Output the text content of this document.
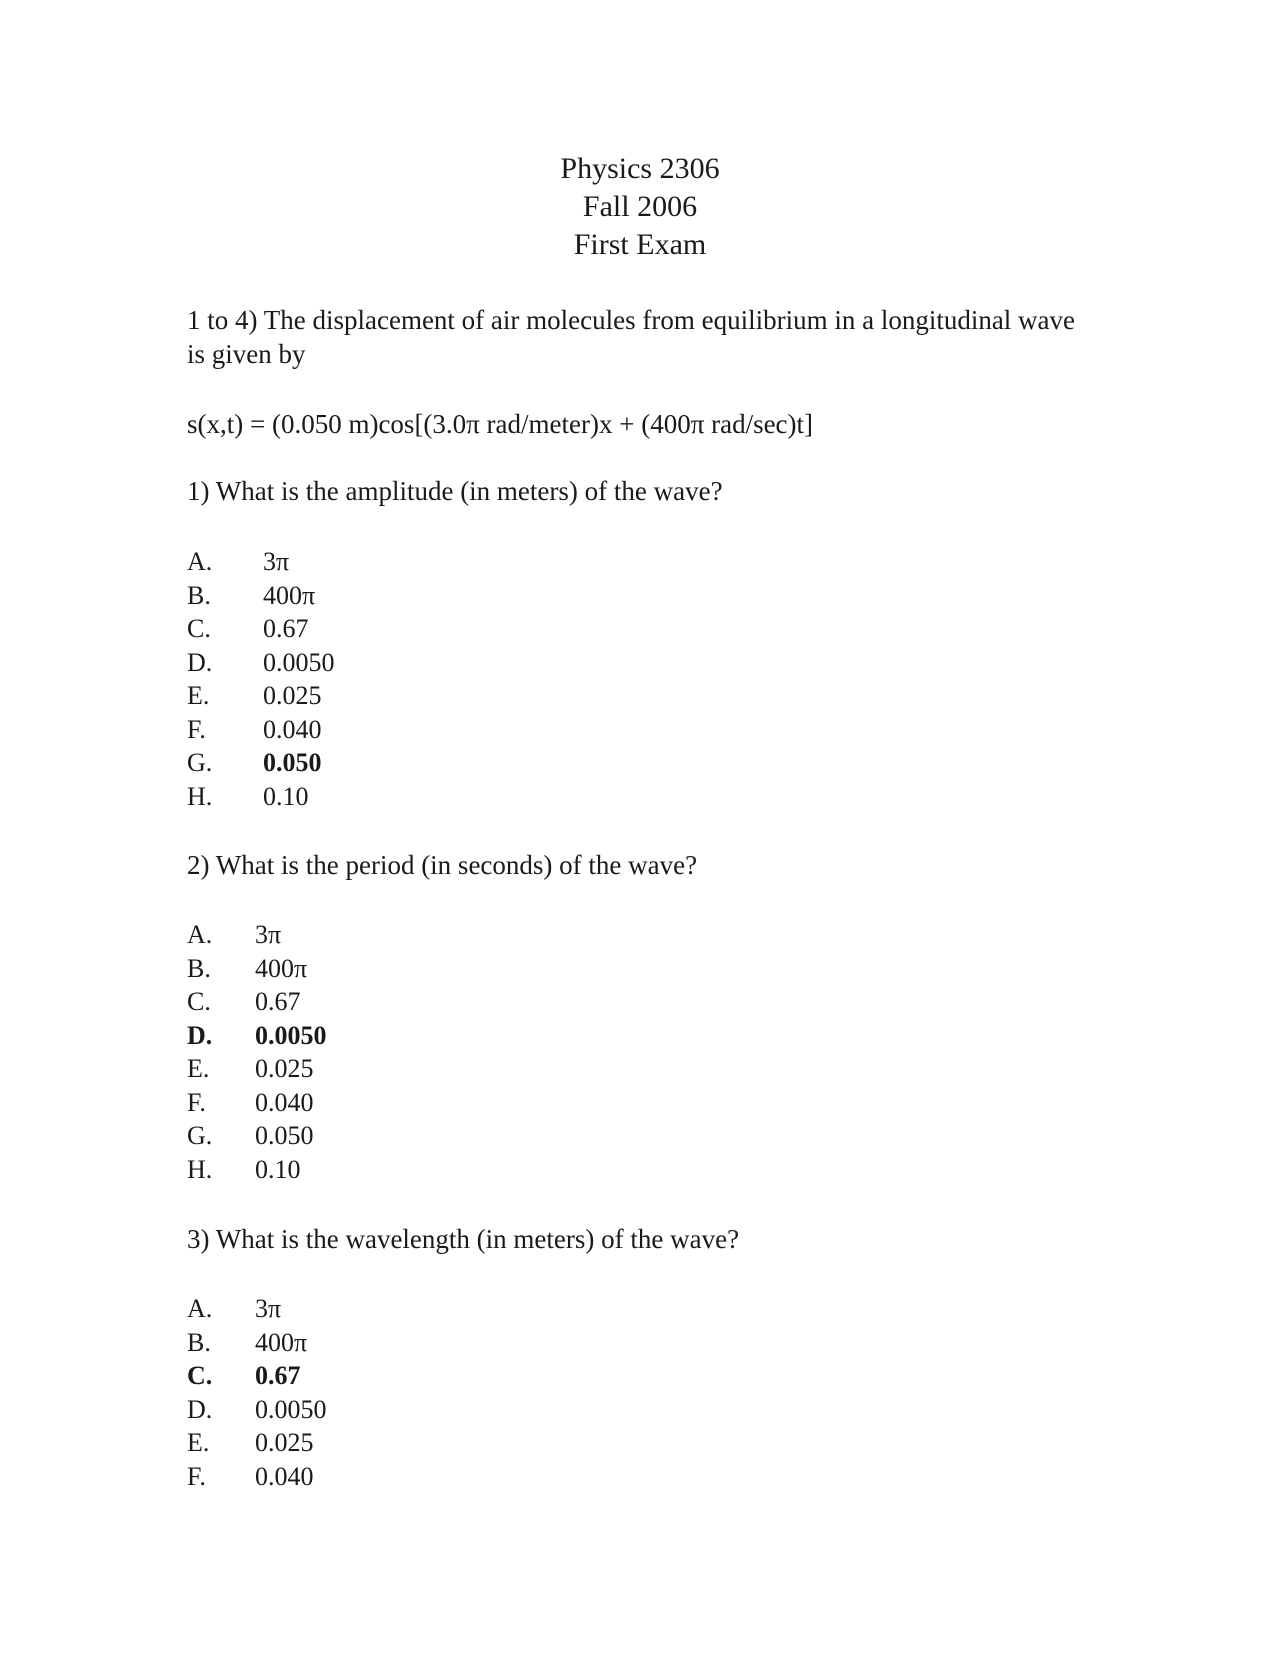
Physics 2306
Fall 2006
First Exam
1 to 4) The displacement of air molecules from equilibrium in a longitudinal wave is given by
s(x,t) = (0.050 m)cos[(3.0π rad/meter)x + (400π rad/sec)t]
1) What is the amplitude (in meters) of the wave?
A.	3π
B.	400π
C.	0.67
D.	0.0050
E.	0.025
F.	0.040
G.	0.050
H.	0.10
2) What is the period (in seconds) of the wave?
A.	3π
B.	400π
C.	0.67
D.	0.0050
E.	0.025
F.	0.040
G.	0.050
H.	0.10
3) What is the wavelength (in meters) of the wave?
A.	3π
B.	400π
C.	0.67
D.	0.0050
E.	0.025
F.	0.040
